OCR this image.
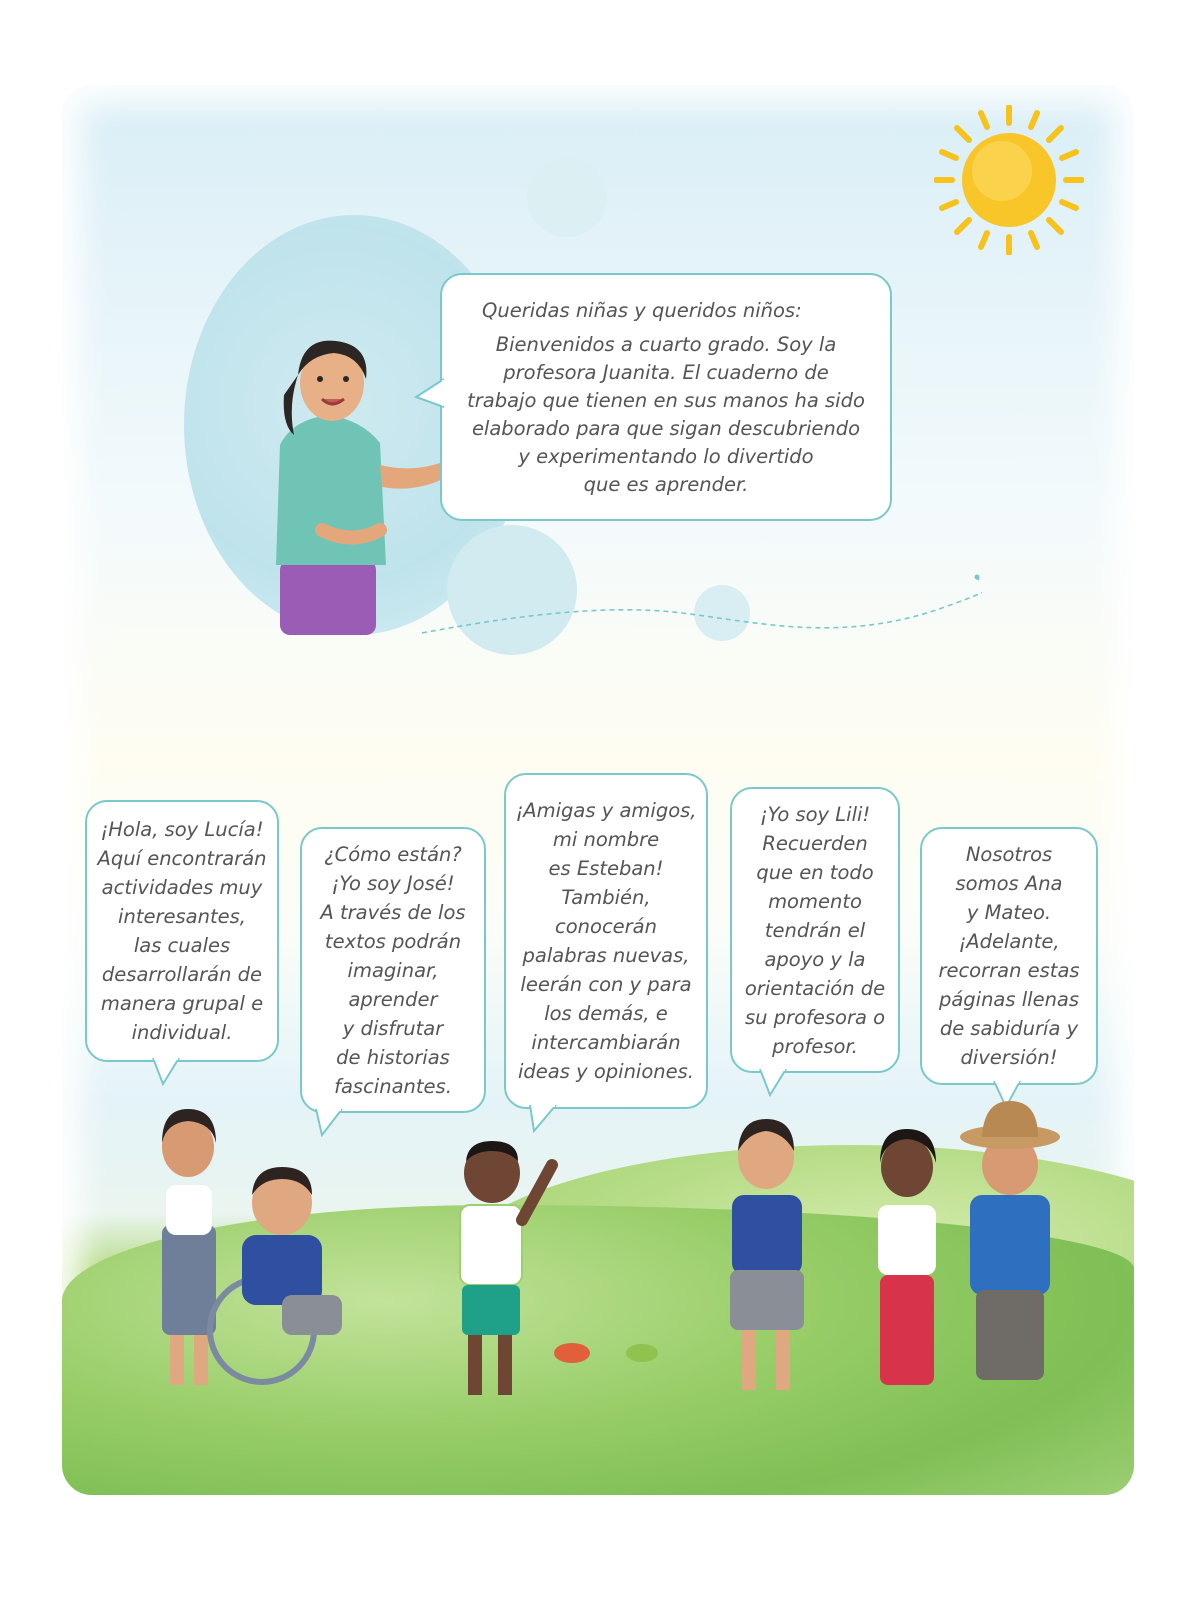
Queridas niñas y queridos niños:
Bienvenidos a cuarto grado. Soy la
profesora Juanita. El cuaderno de
trabajo que tienen en sus manos ha sido
elaborado para que sigan descubriendo
y experimentando lo divertido
que es aprender.
¡Hola, soy Lucía!
Aquí encontrarán
actividades muy
interesantes,
las cuales
desarrollarán de
manera grupal e
individual.
¿Cómo están?
¡Yo soy José!
A través de los
textos podrán
imaginar,
aprender
y disfrutar
de historias
fascinantes.
¡Amigas y amigos,
mi nombre
es Esteban!
También,
conocerán
palabras nuevas,
leerán con y para
los demás, e
intercambiarán
ideas y opiniones.
¡Yo soy Lili!
Recuerden
que en todo
momento
tendrán el
apoyo y la
orientación de
su profesora o
profesor.
Nosotros
somos Ana
y Mateo.
¡Adelante,
recorran estas
páginas llenas
de sabiduría y
diversión!
